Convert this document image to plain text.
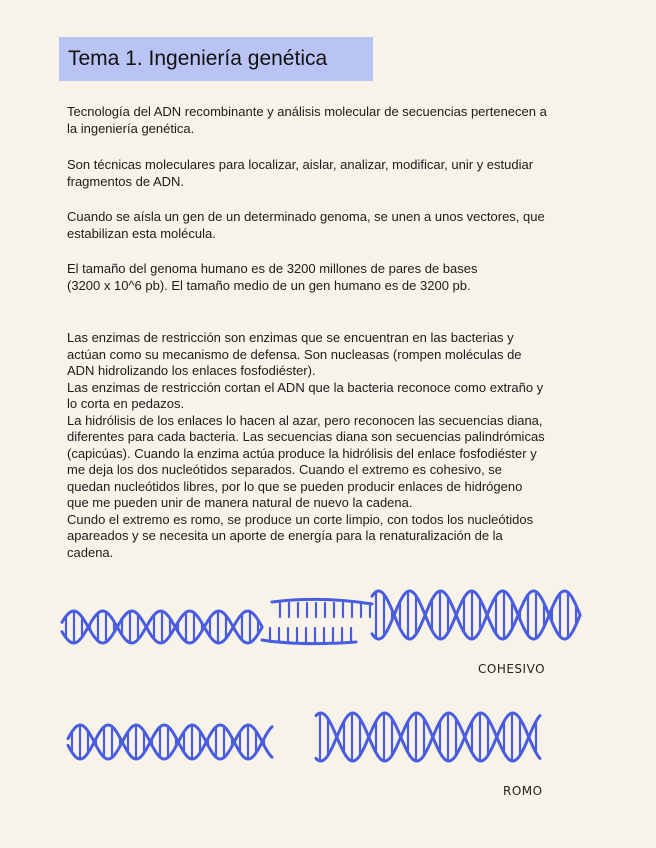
Tema 1. Ingeniería genética

Tecnología del ADN recombinante y análisis molecular de secuencias pertenecen a
la ingeniería genética.

Son técnicas moleculares para localizar, aislar, analizar, modificar, unir y estudiar
fragmentos de ADN.

Cuando se aísla un gen de un determinado genoma, se unen a unos vectores, que
estabilizan esta molécula.

El tamaño del genoma humano es de 3200 millones de pares de bases
(3200 x 10^6 pb). El tamaño medio de un gen humano es de 3200 pb.

Las enzimas de restricción son enzimas que se encuentran en las bacterias y
actúan como su mecanismo de defensa. Son nucleasas (rompen moléculas de
ADN hidrolizando los enlaces fosfodiéster).
Las enzimas de restricción cortan el ADN que la bacteria reconoce como extraño y
lo corta en pedazos.
La hidrólisis de los enlaces lo hacen al azar, pero reconocen las secuencias diana,
diferentes para cada bacteria. Las secuencias diana son secuencias palindrómicas
(capicúas). Cuando la enzima actúa produce la hidrólisis del enlace fosfodiéster y
me deja los dos nucleótidos separados. Cuando el extremo es cohesivo, se
quedan nucleótidos libres, por lo que se pueden producir enlaces de hidrógeno
que me pueden unir de manera natural de nuevo la cadena.
Cundo el extremo es romo, se produce un corte limpio, con todos los nucleótidos
apareados y se necesita un aporte de energía para la renaturalización de la
cadena.

COHESIVO
ROMO
